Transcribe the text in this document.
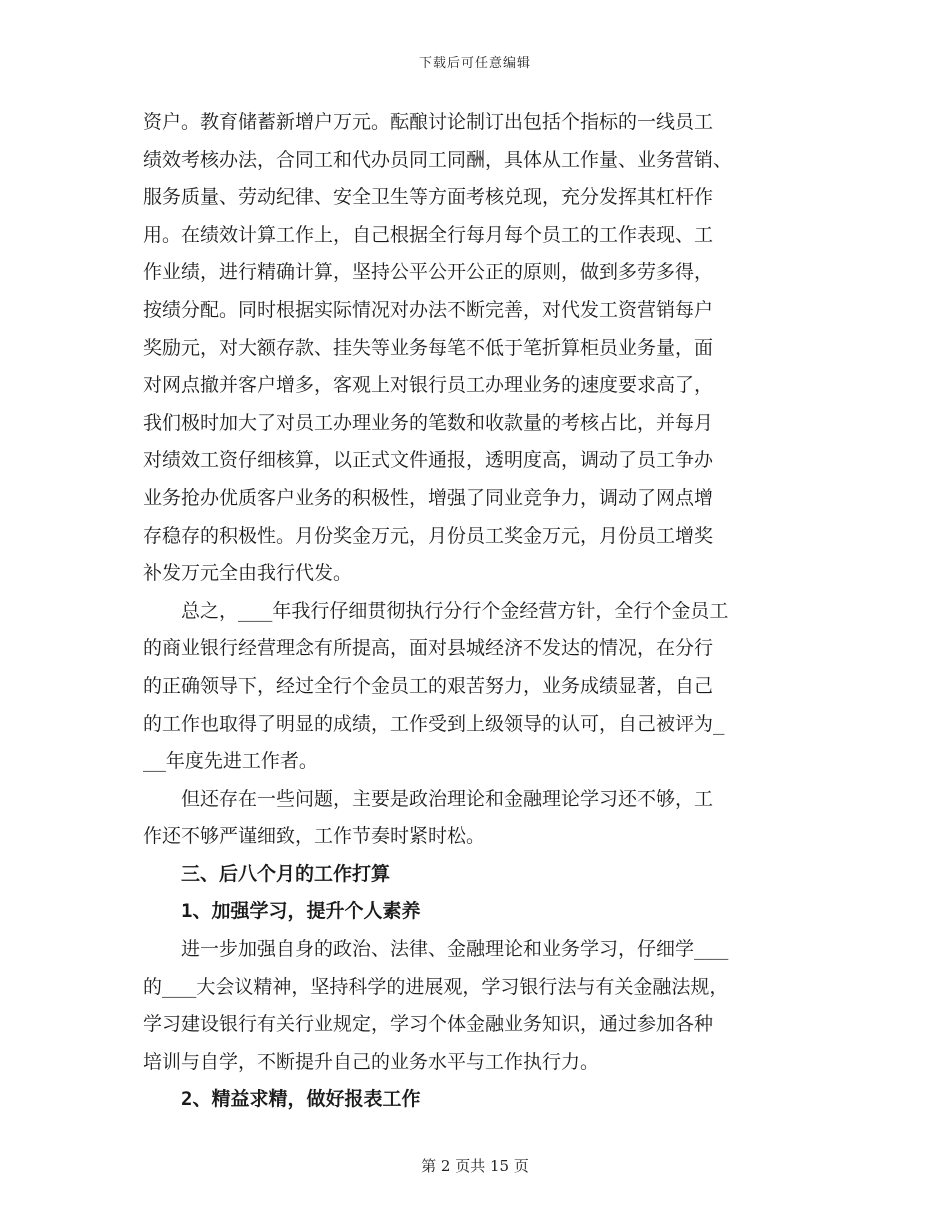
下载后可任意编辑
资户。教育储蓄新增户万元。酝酿讨论制订出包括个指标的一线员工
绩效考核办法，合同工和代办员同工同酬，具体从工作量、业务营销、
服务质量、劳动纪律、安全卫生等方面考核兑现，充分发挥其杠杆作
用。在绩效计算工作上，自己根据全行每月每个员工的工作表现、工
作业绩，进行精确计算，坚持公平公开公正的原则，做到多劳多得，
按绩分配。同时根据实际情况对办法不断完善，对代发工资营销每户
奖励元，对大额存款、挂失等业务每笔不低于笔折算柜员业务量，面
对网点撤并客户增多，客观上对银行员工办理业务的速度要求高了，
我们极时加大了对员工办理业务的笔数和收款量的考核占比，并每月
对绩效工资仔细核算，以正式文件通报，透明度高，调动了员工争办
业务抢办优质客户业务的积极性，增强了同业竞争力，调动了网点增
存稳存的积极性。月份奖金万元，月份员工奖金万元，月份员工增奖
补发万元全由我行代发。
总之，___年我行仔细贯彻执行分行个金经营方针，全行个金员工
的商业银行经营理念有所提高，面对县城经济不发达的情况，在分行
的正确领导下，经过全行个金员工的艰苦努力，业务成绩显著，自己
的工作也取得了明显的成绩，工作受到上级领导的认可，自己被评为_
__年度先进工作者。
但还存在一些问题，主要是政治理论和金融理论学习还不够，工
作还不够严谨细致，工作节奏时紧时松。
三、后八个月的工作打算
1、加强学习，提升个人素养
进一步加强自身的政治、法律、金融理论和业务学习，仔细学___
的___大会议精神，坚持科学的进展观，学习银行法与有关金融法规，
学习建设银行有关行业规定，学习个体金融业务知识，通过参加各种
培训与自学，不断提升自己的业务水平与工作执行力。
2、精益求精，做好报表工作
第 2 页共 15 页
